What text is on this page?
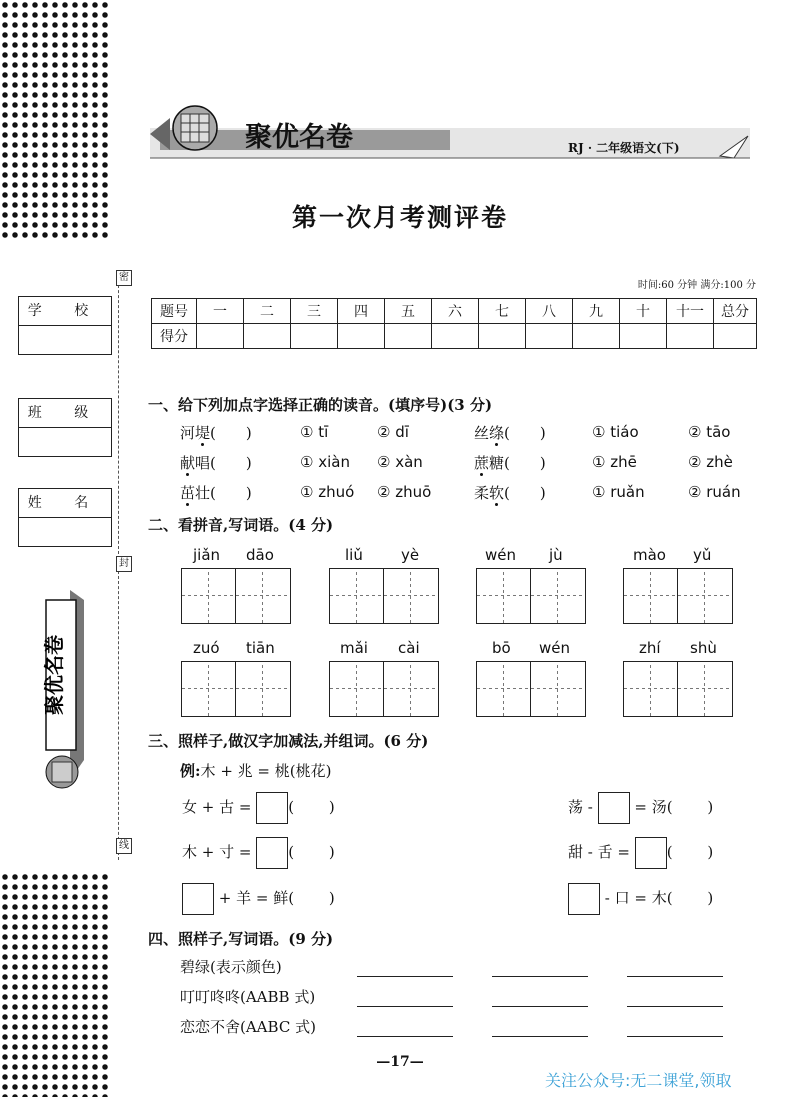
密
封
线
学 校
班 级
姓 名
聚优名卷
聚优名卷	RJ · 二年级语文(下)
第一次月考测评卷
时间:60 分钟 满分:100 分
题号	一	二	三	四	五	六	七	八	九	十	十一	总分
得分												
一、给下列加点字选择正确的读音。(填序号)(3 分)
河堤(　　)	① tī	② dī	丝绦(　　)	① tiáo	② tāo
献唱(　　)	① xiàn ② xàn	蔗糖(　　)	① zhē	② zhè
茁壮(　　)	① zhuó ② zhuō	柔软(　　)	① ruǎn	② ruán
二、看拼音,写词语。(4 分)
jiǎn dāo	liǔ	yè	wén jù	mào yǔ
zuó tiān	mǎi cài	bō wén	zhí shù
三、照样子,做汉字加减法,并组词。(6 分)
例:木 + 兆 = 桃(桃花)
女 + 古 = (　　 )	荡 -	= 汤(　　 )
木 + 寸 = (　　 )	甜 - 舌 = (　　 )
+ 羊 = 鲜(　　 )	- 口 = 木(　　 )
四、照样子,写词语。(9 分)
碧绿(表示颜色)
叮叮咚咚(AABB 式)
恋恋不舍(AABC 式)
—17—
关注公众号:无二课堂,领取
